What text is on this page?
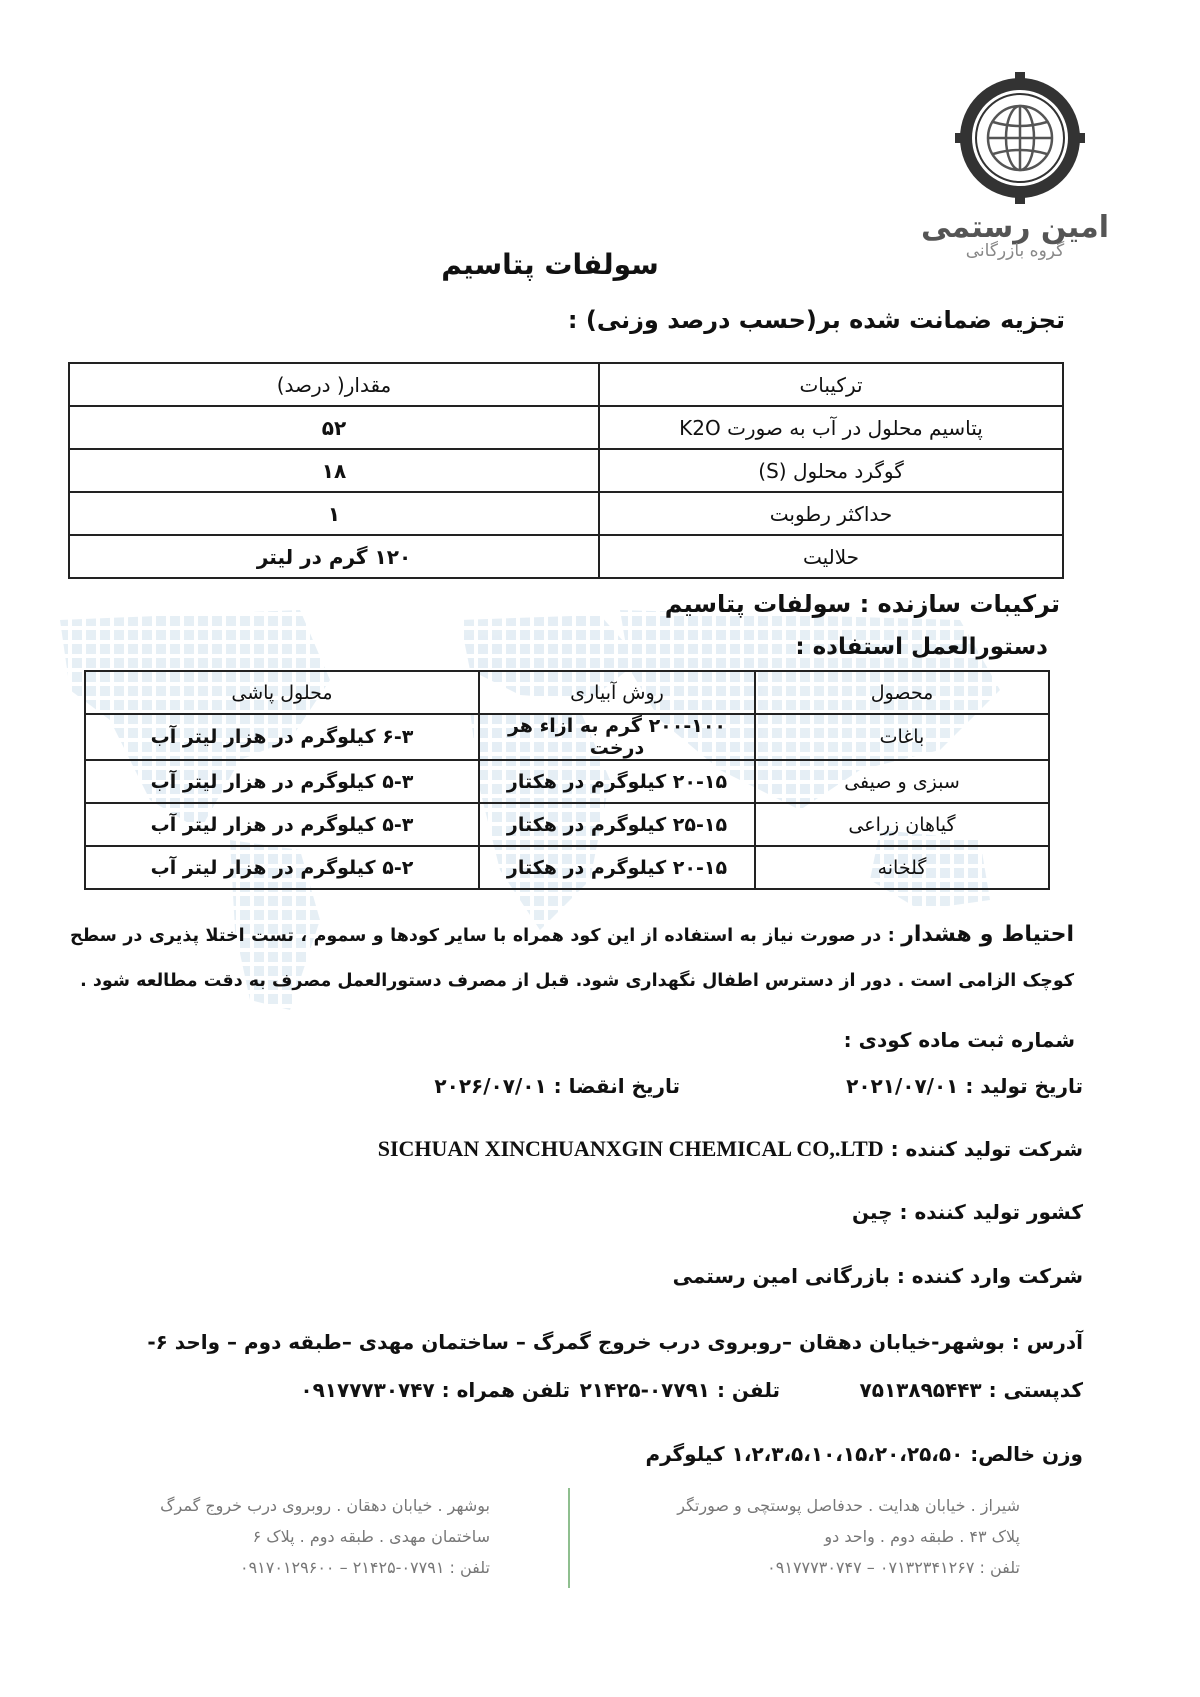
امین رستمی
گروه بازرگانی
سولفات پتاسیم
تجزیه ضمانت شده بر(حسب درصد وزنی) :
ترکیبات	مقدار( درصد)
پتاسیم محلول در آب به صورت K2O	۵۲
گوگرد محلول (S)	۱۸
حداکثر رطوبت	۱
حلالیت	۱۲۰ گرم در لیتر
ترکیبات سازنده : سولفات پتاسیم
دستورالعمل استفاده :
محصول	روش آبیاری	محلول پاشی
باغات	۲۰۰-۱۰۰ گرم به ازاء هر درخت	۶-۳ کیلوگرم در هزار لیتر آب
سبزی و صیفی	۲۰-۱۵ کیلوگرم در هکتار	۵-۳ کیلوگرم در هزار لیتر آب
گیاهان زراعی	۲۵-۱۵ کیلوگرم در هکتار	۵-۳ کیلوگرم در هزار لیتر آب
گلخانه	۲۰-۱۵ کیلوگرم در هکتار	۵-۲ کیلوگرم در هزار لیتر آب
احتیاط و هشدار : در صورت نیاز به استفاده از این کود همراه با سایر کودها و سموم ، تست اختلا پذیری در سطح کوچک الزامی است . دور از دسترس اطفال نگهداری شود. قبل از مصرف دستورالعمل مصرف به دقت مطالعه شود .
شماره ثبت ماده کودی :
تاریخ تولید : ۲۰۲۱/۰۷/۰۱
تاریخ انقضا : ۲۰۲۶/۰۷/۰۱
شرکت تولید کننده : SICHUAN XINCHUANXGIN CHEMICAL CO,.LTD
کشور تولید کننده : چین
شرکت وارد کننده : بازرگانی امین رستمی
آدرس : بوشهر-خیابان دهقان –روبروی درب خروج گمرگ – ساختمان مهدی –طبقه دوم – واحد ۶-
کدپستی : ۷۵۱۳۸۹۵۴۴۳
تلفن : ۰۷۷۹۱-۲۱۴۲۵
تلفن همراه : ۰۹۱۷۷۷۳۰۷۴۷
وزن خالص: ۱،۲،۳،۵،۱۰،۱۵،۲۰،۲۵،۵۰ کیلوگرم
شیراز . خیابان هدایت . حدفاصل پوستچی و صورتگر
پلاک ۴۳ . طبقه دوم . واحد دو
تلفن : ۰۷۱۳۲۳۴۱۲۶۷ – ۰۹۱۷۷۷۳۰۷۴۷
بوشهر . خیابان دهقان . روبروی درب خروج گمرگ
ساختمان مهدی . طبقه دوم . پلاک ۶
تلفن : ۰۷۷۹۱-۲۱۴۲۵ – ۰۹۱۷۰۱۲۹۶۰۰
